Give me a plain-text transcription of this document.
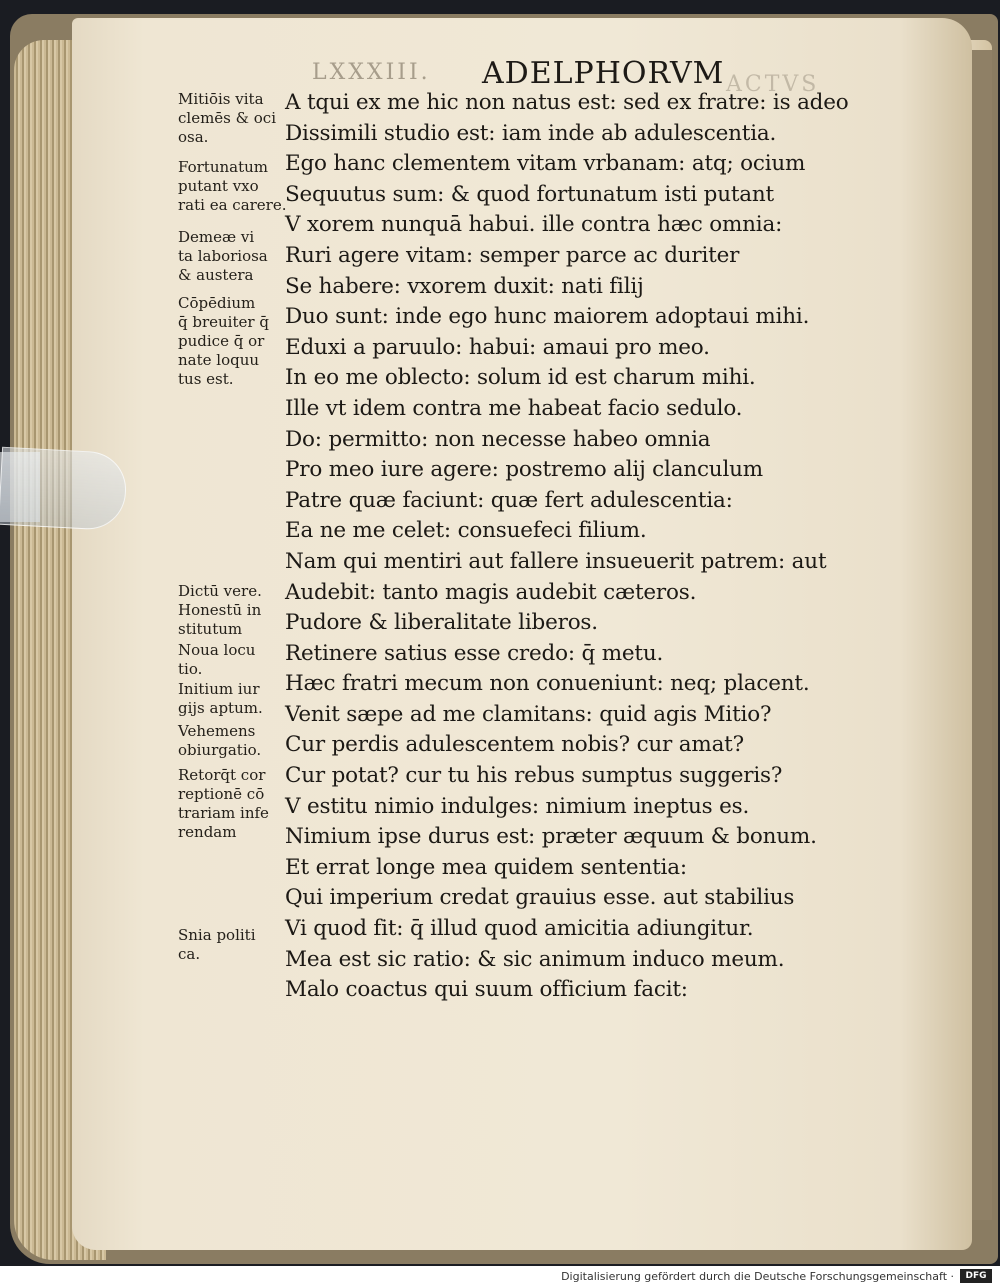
LXXXIII. ADELPHORVM ACTVS
A tqui ex me hic non natus est: sed ex fratre: is adeo
Dissimili studio est: iam inde ab adulescentia.
Ego hanc clementem vitam vrbanam: atq; ocium
Sequutus sum: & quod fortunatum isti putant
V xorem nunquā habui. ille contra hæc omnia:
Ruri agere vitam: semper parce ac duriter
Se habere: vxorem duxit: nati filij
Duo sunt: inde ego hunc maiorem adoptaui mihi.
Eduxi a paruulo: habui: amaui pro meo.
In eo me oblecto: solum id est charum mihi.
Ille vt idem contra me habeat facio sedulo.
Do: permitto: non necesse habeo omnia
Pro meo iure agere: postremo alij clanculum
Patre quæ faciunt: quæ fert adulescentia:
Ea ne me celet: consuefeci filium.
Nam qui mentiri aut fallere insueuerit patrem: aut
Audebit: tanto magis audebit cæteros.
Pudore & liberalitate liberos.
Retinere satius esse credo: q̄ metu.
Hæc fratri mecum non conueniunt: neq; placent.
Venit sæpe ad me clamitans: quid agis Mitio?
Cur perdis adulescentem nobis? cur amat?
Cur potat? cur tu his rebus sumptus suggeris?
V estitu nimio indulges: nimium ineptus es.
Nimium ipse durus est: præter æquum & bonum.
Et errat longe mea quidem sententia:
Qui imperium credat grauius esse. aut stabilius
Vi quod fit: q̄ illud quod amicitia adiungitur.
Mea est sic ratio: & sic animum induco meum.
Malo coactus qui suum officium facit:
Mitiōis vita
clemēs & oci
osa.
Fortunatum
putant vxo
rati ea carere.
Demeæ vi
ta laboriosa
& austera
Cōpēdium
q̄ breuiter q̄
pudice q̄ or
nate loquu
tus est.
Dictū vere.
Honestū in
stitutum
Noua locu
tio.
Initium iur
gijs aptum.
Vehemens
obiurgatio.
Retorq̄t cor
reptionē cō
trariam infe
rendam
Snia politi
ca.
Digitalisierung gefördert durch die Deutsche Forschungsgemeinschaft ·	DFG
